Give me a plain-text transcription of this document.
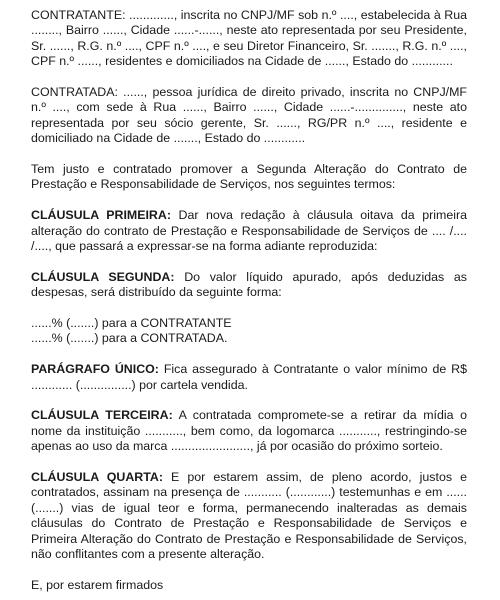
CONTRATANTE: ............., inscrita no CNPJ/MF sob n.º ...., estabelecida à Rua ........, Bairro ......, Cidade ......-......, neste ato representada por seu Presidente, Sr. ......, R.G. n.º ...., CPF n.º ...., e seu Diretor Financeiro, Sr. ......., R.G. n.º ...., CPF n.º ......, residentes e domiciliados na Cidade de ......, Estado do ............

CONTRATADA: ......, pessoa jurídica de direito privado, inscrita no CNPJ/MF n.º ...., com sede à Rua ......, Bairro ......, Cidade ......-.............., neste ato representada por seu sócio gerente, Sr. ......, RG/PR n.º ...., residente e domiciliado na Cidade de ......., Estado do ............

Tem justo e contratado promover a Segunda Alteração do Contrato de Prestação e Responsabilidade de Serviços, nos seguintes termos:

CLÁUSULA PRIMEIRA: Dar nova redação à cláusula oitava da primeira alteração do contrato de Prestação e Responsabilidade de Serviços de .... /.... /...., que passará a expressar-se na forma adiante reproduzida:

CLÁUSULA SEGUNDA: Do valor líquido apurado, após deduzidas as despesas, será distribuído da seguinte forma:

......% (.......) para a CONTRATANTE
......% (.......) para a CONTRATADA.

PARÁGRAFO ÚNICO: Fica assegurado à Contratante o valor mínimo de R$ ............ (...............) por cartela vendida.

CLÁUSULA TERCEIRA: A contratada compromete-se a retirar da mídia o nome da instituição ..........., bem como, da logomarca ..........., restringindo-se apenas ao uso da marca ......................., já por ocasião do próximo sorteio.

CLÁUSULA QUARTA: E por estarem assim, de pleno acordo, justos e contratados, assinam na presença de ........... (............) testemunhas e em ...... (.......) vias de igual teor e forma, permanecendo inalteradas as demais cláusulas do Contrato de Prestação e Responsabilidade de Serviços e Primeira Alteração do Contrato de Prestação e Responsabilidade de Serviços, não conflitantes com a presente alteração.

E, por estarem firmados
